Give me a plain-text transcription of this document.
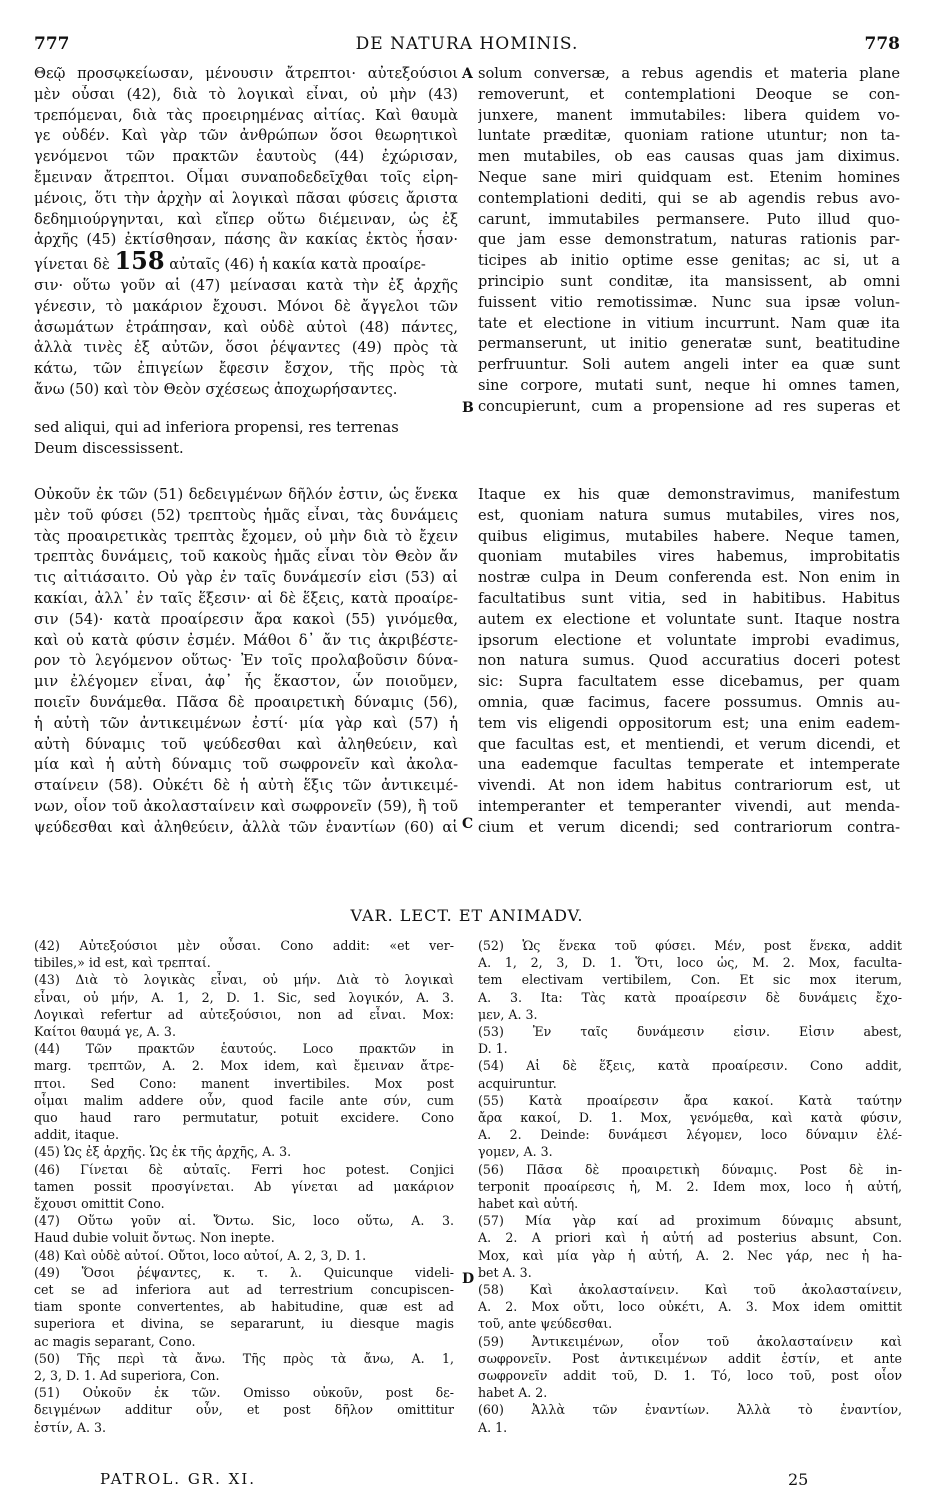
777	DE NATURA HOMINIS.	778
Θεῷ προσῳκείωσαν, μένουσιν ἄτρεπτοι· αὐτεξούσιοι
μὲν οὖσαι (42), διὰ τὸ λογικαὶ εἶναι, οὐ μὴν (43)
τρεπόμεναι, διὰ τὰς προειρημένας αἰτίας. Καὶ θαυμὰ
γε οὐδέν. Καὶ γὰρ τῶν ἀνθρώπων ὅσοι θεωρητικοὶ
γενόμενοι τῶν πρακτῶν ἑαυτοὺς (44) ἐχώρισαν,
ἔμειναν ἄτρεπτοι. Οἶμαι συναποδεδεῖχθαι τοῖς εἰρη-
μένοις, ὅτι τὴν ἀρχὴν αἱ λογικαὶ πᾶσαι φύσεις ἄριστα
δεδημιούργηνται, καὶ εἴπερ οὕτω διέμειναν, ὡς ἐξ
ἀρχῆς (45) ἐκτίσθησαν, πάσης ἂν κακίας ἐκτὸς ἦσαν·
γίνεται δὲ 158 αὐταῖς (46) ἡ κακία κατὰ προαίρε-
σιν· οὕτω γοῦν αἱ (47) μείνασαι κατὰ τὴν ἐξ ἀρχῆς
γένεσιν, τὸ μακάριον ἔχουσι. Μόνοι δὲ ἄγγελοι τῶν
ἀσωμάτων ἐτράπησαν, καὶ οὐδὲ αὐτοὶ (48) πάντες,
ἀλλὰ τινὲς ἐξ αὐτῶν, ὅσοι ῥέψαντες (49) πρὸς τὰ
κάτω, τῶν ἐπιγείων ἔφεσιν ἔσχον, τῆς πρὸς τὰ
ἄνω (50) καὶ τὸν Θεὸν σχέσεως ἀποχωρήσαντες.
A
B
C
D
solum conversæ, a rebus agendis et materia plane
removerunt, et contemplationi Deoque se con-
junxere, manent immutabiles: libera quidem vo-
luntate præditæ, quoniam ratione utuntur; non ta-
men mutabiles, ob eas causas quas jam diximus.
Neque sane miri quidquam est. Etenim homines
contemplationi dediti, qui se ab agendis rebus avo-
carunt, immutabiles permansere. Puto illud quo-
que jam esse demonstratum, naturas rationis par-
ticipes ab initio optime esse genitas; ac si, ut a
principio sunt conditæ, ita mansissent, ab omni
fuissent vitio remotissimæ. Nunc sua ipsæ volun-
tate et electione in vitium incurrunt. Nam quæ ita
permanserunt, ut initio generatæ sunt, beatitudine
perfruuntur. Soli autem angeli inter ea quæ sunt
sine corpore, mutati sunt, neque hi omnes tamen,
concupierunt, cum a propensione ad res superas et
sed aliqui, qui ad inferiora propensi, res terrenas
Deum discessissent.
Οὐκοῦν ἐκ τῶν (51) δεδειγμένων δῆλόν ἐστιν, ὡς ἕνεκα
μὲν τοῦ φύσει (52) τρεπτοὺς ἡμᾶς εἶναι, τὰς δυνάμεις
τὰς προαιρετικὰς τρεπτὰς ἔχομεν, οὐ μὴν διὰ τὸ ἔχειν
τρεπτὰς δυνάμεις, τοῦ κακοὺς ἡμᾶς εἶναι τὸν Θεὸν ἄν
τις αἰτιάσαιτο. Οὐ γὰρ ἐν ταῖς δυνάμεσίν εἰσι (53) αἱ
κακίαι, ἀλλ᾽ ἐν ταῖς ἕξεσιν· αἱ δὲ ἕξεις, κατὰ προαίρε-
σιν (54)· κατὰ προαίρεσιν ἄρα κακοὶ (55) γινόμεθα,
καὶ οὐ κατὰ φύσιν ἐσμέν. Μάθοι δ᾽ ἄν τις ἀκριβέστε-
ρον τὸ λεγόμενον οὕτως· Ἐν τοῖς προλαβοῦσιν δύνα-
μιν ἐλέγομεν εἶναι, ἀφ᾽ ἧς ἕκαστον, ὧν ποιοῦμεν,
ποιεῖν δυνάμεθα. Πᾶσα δὲ προαιρετικὴ δύναμις (56),
ἡ αὐτὴ τῶν ἀντικειμένων ἐστί· μία γὰρ καὶ (57) ἡ
αὐτὴ δύναμις τοῦ ψεύδεσθαι καὶ ἀληθεύειν, καὶ
μία καὶ ἡ αὐτὴ δύναμις τοῦ σωφρονεῖν καὶ ἀκολα-
σταίνειν (58). Οὐκέτι δὲ ἡ αὐτὴ ἕξις τῶν ἀντικειμέ-
νων, οἷον τοῦ ἀκολασταίνειν καὶ σωφρονεῖν (59), ἢ τοῦ
ψεύδεσθαι καὶ ἀληθεύειν, ἀλλὰ τῶν ἐναντίων (60) αἱ
Itaque ex his quæ demonstravimus, manifestum
est, quoniam natura sumus mutabiles, vires nos,
quibus eligimus, mutabiles habere. Neque tamen,
quoniam mutabiles vires habemus, improbitatis
nostræ culpa in Deum conferenda est. Non enim in
facultatibus sunt vitia, sed in habitibus. Habitus
autem ex electione et voluntate sunt. Itaque nostra
ipsorum electione et voluntate improbi evadimus,
non natura sumus. Quod accuratius doceri potest
sic: Supra facultatem esse dicebamus, per quam
omnia, quæ facimus, facere possumus. Omnis au-
tem vis eligendi oppositorum est; una enim eadem-
que facultas est, et mentiendi, et verum dicendi, et
una eademque facultas temperate et intemperate
vivendi. At non idem habitus contrariorum est, ut
intemperanter et temperanter vivendi, aut menda-
cium et verum dicendi; sed contrariorum contra-
VAR. LECT. ET ANIMADV.
(42) Αὐτεξούσιοι μὲν οὖσαι. Cono addit: «et ver-
tibiles,» id est, καὶ τρεπταί.
(43) Διὰ τὸ λογικὰς εἶναι, οὐ μήν. Διὰ τὸ λογικαὶ
εἶναι, οὐ μήν, A. 1, 2, D. 1. Sic, sed λογικόν, A. 3.
Λογικαὶ refertur ad αὐτεξούσιοι, non ad εἶναι. Mox:
Καίτοι θαυμά γε, A. 3.
(44) Τῶν πρακτῶν ἑαυτούς. Loco πρακτῶν in
marg. τρεπτῶν, A. 2. Mox idem, καὶ ἔμειναν ἄτρε-
πτοι. Sed Cono: manent invertibiles. Mox post
οἶμαι malim addere οὖν, quod facile ante σύν, cum
quo haud raro permutatur, potuit excidere. Cono
addit, itaque.
(45) Ὡς ἐξ ἀρχῆς. Ὡς ἐκ τῆς ἀρχῆς, A. 3.
(46) Γίνεται δὲ αὐταῖς. Ferri hoc potest. Conjici
tamen possit προσγίνεται. Ab γίνεται ad μακάριον
ἔχουσι omittit Cono.
(47) Οὕτω γοῦν αἱ. Ὄντω. Sic, loco οὕτω, A. 3.
Haud dubie voluit ὄντως. Non inepte.
(48) Καὶ οὐδὲ αὐτοί. Οὔτοι, loco αὐτοί, A. 2, 3, D. 1.
(49) Ὅσοι ῥέψαντες, κ. τ. λ. Quicunque videli-
cet se ad inferiora aut ad terrestrium concupiscen-
tiam sponte convertentes, ab habitudine, quæ est ad
superiora et divina, se separarunt, iu diesque magis
ac magis separant, Cono.
(50) Τῆς περὶ τὰ ἄνω. Τῆς πρὸς τὰ ἄνω, A. 1,
2, 3, D. 1. Ad superiora, Con.
(51) Οὐκοῦν ἐκ τῶν. Omisso οὐκοῦν, post δε-
δειγμένων additur οὖν, et post δῆλον omittitur
ἐστίν, A. 3.
(52) Ὡς ἕνεκα τοῦ φύσει. Μέν, post ἕνεκα, addit
A. 1, 2, 3, D. 1. Ὅτι, loco ὡς, M. 2. Mox, faculta-
tem electivam vertibilem, Con. Et sic mox iterum,
A. 3. Ita: Τὰς κατὰ προαίρεσιν δὲ δυνάμεις ἔχο-
μεν, A. 3.
(53) Ἐν ταῖς δυνάμεσιν εἰσιν. Εἰσιν abest,
D. 1.
(54) Αἱ δὲ ἕξεις, κατὰ προαίρεσιν. Cono addit,
acquiruntur.
(55) Κατὰ προαίρεσιν ἄρα κακοί. Κατὰ ταύτην
ἄρα κακοί, D. 1. Mox, γενόμεθα, καὶ κατὰ φύσιν,
A. 2. Deinde: δυνάμεσι λέγομεν, loco δύναμιν ἐλέ-
γομεν, A. 3.
(56) Πᾶσα δὲ προαιρετικὴ δύναμις. Post δὲ in-
terponit προαίρεσις ἡ, M. 2. Idem mox, loco ἡ αὐτή,
habet καὶ αὐτή.
(57) Μία γὰρ καί ad proximum δύναμις absunt,
A. 2. A priori καὶ ἡ αὐτή ad posterius absunt, Con.
Mox, καὶ μία γὰρ ἡ αὐτή, A. 2. Nec γάρ, nec ἡ ha-
bet A. 3.
(58) Καὶ ἀκολασταίνειν. Καὶ τοῦ ἀκολασταίνειν,
A. 2. Mox οὔτι, loco οὐκέτι, A. 3. Mox idem omittit
τοῦ, ante ψεύδεσθαι.
(59) Ἀντικειμένων, οἷον τοῦ ἀκολασταίνειν καὶ
σωφρονεῖν. Post ἀντικειμένων addit ἐστίν, et ante
σωφρονεῖν addit τοῦ, D. 1. Τό, loco τοῦ, post οἷον
habet A. 2.
(60) Ἀλλὰ τῶν ἐναντίων. Ἀλλὰ τὸ ἐναντίον,
A. 1.
PATROL. GR. XI.	25
